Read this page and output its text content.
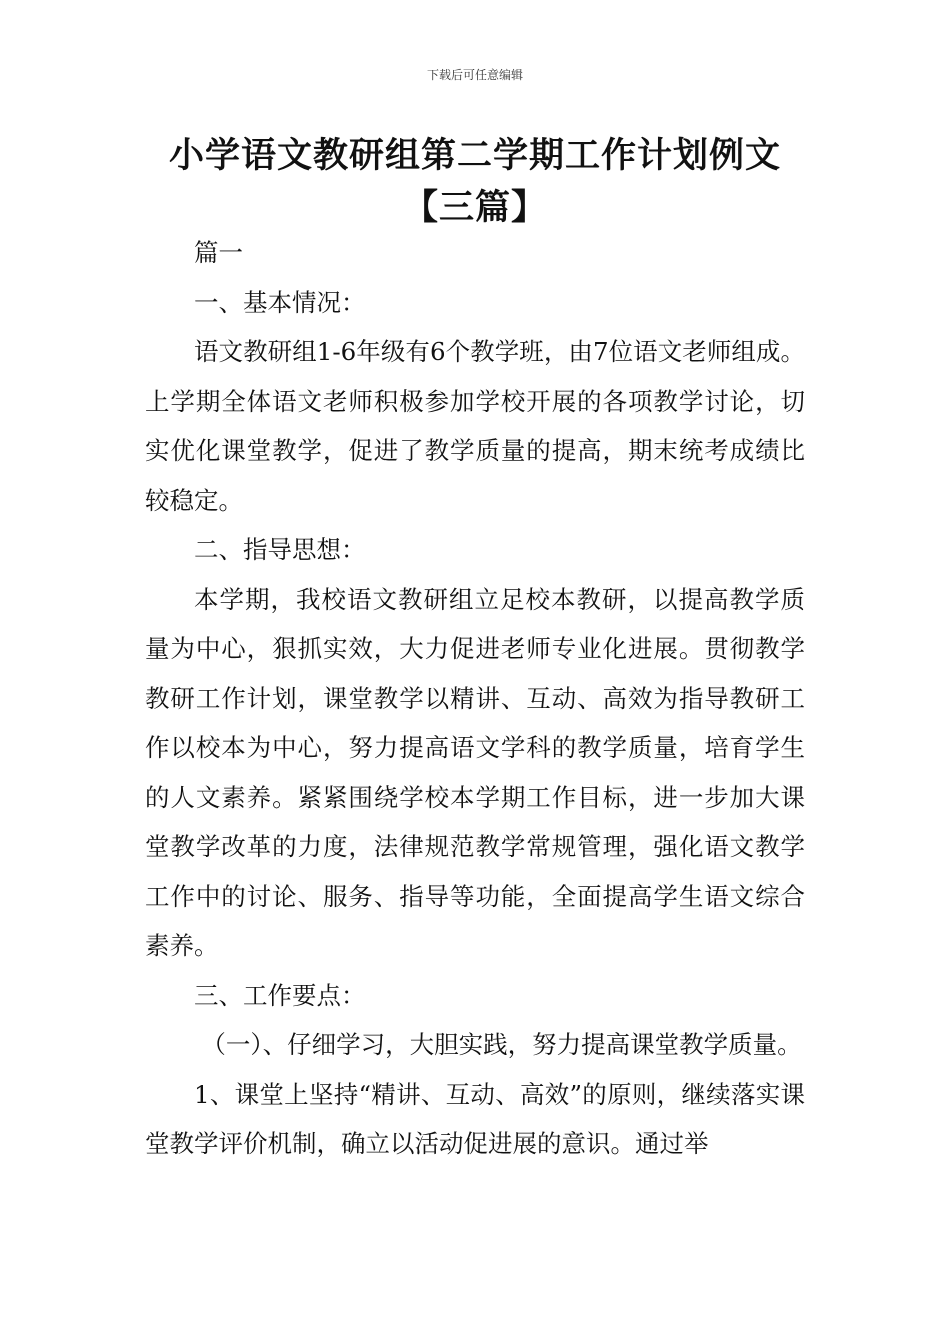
下载后可任意编辑
小学语文教研组第二学期工作计划例文
【三篇】

篇一

一、基本情况：

语文教研组1-6年级有6个教学班，由7位语文老师组成。上学期全体语文老师积极参加学校开展的各项教学讨论，切实优化课堂教学，促进了教学质量的提高，期末统考成绩比较稳定。

二、指导思想：

本学期，我校语文教研组立足校本教研，以提高教学质量为中心，狠抓实效，大力促进老师专业化进展。贯彻教学教研工作计划，课堂教学以精讲、互动、高效为指导教研工作以校本为中心，努力提高语文学科的教学质量，培育学生的人文素养。紧紧围绕学校本学期工作目标，进一步加大课堂教学改革的力度，法律规范教学常规管理，强化语文教学工作中的讨论、服务、指导等功能，全面提高学生语文综合素养。

三、工作要点：

（一）、仔细学习，大胆实践，努力提高课堂教学质量。

1、课堂上坚持“精讲、互动、高效”的原则，继续落实课堂教学评价机制，确立以活动促进展的意识。通过举
